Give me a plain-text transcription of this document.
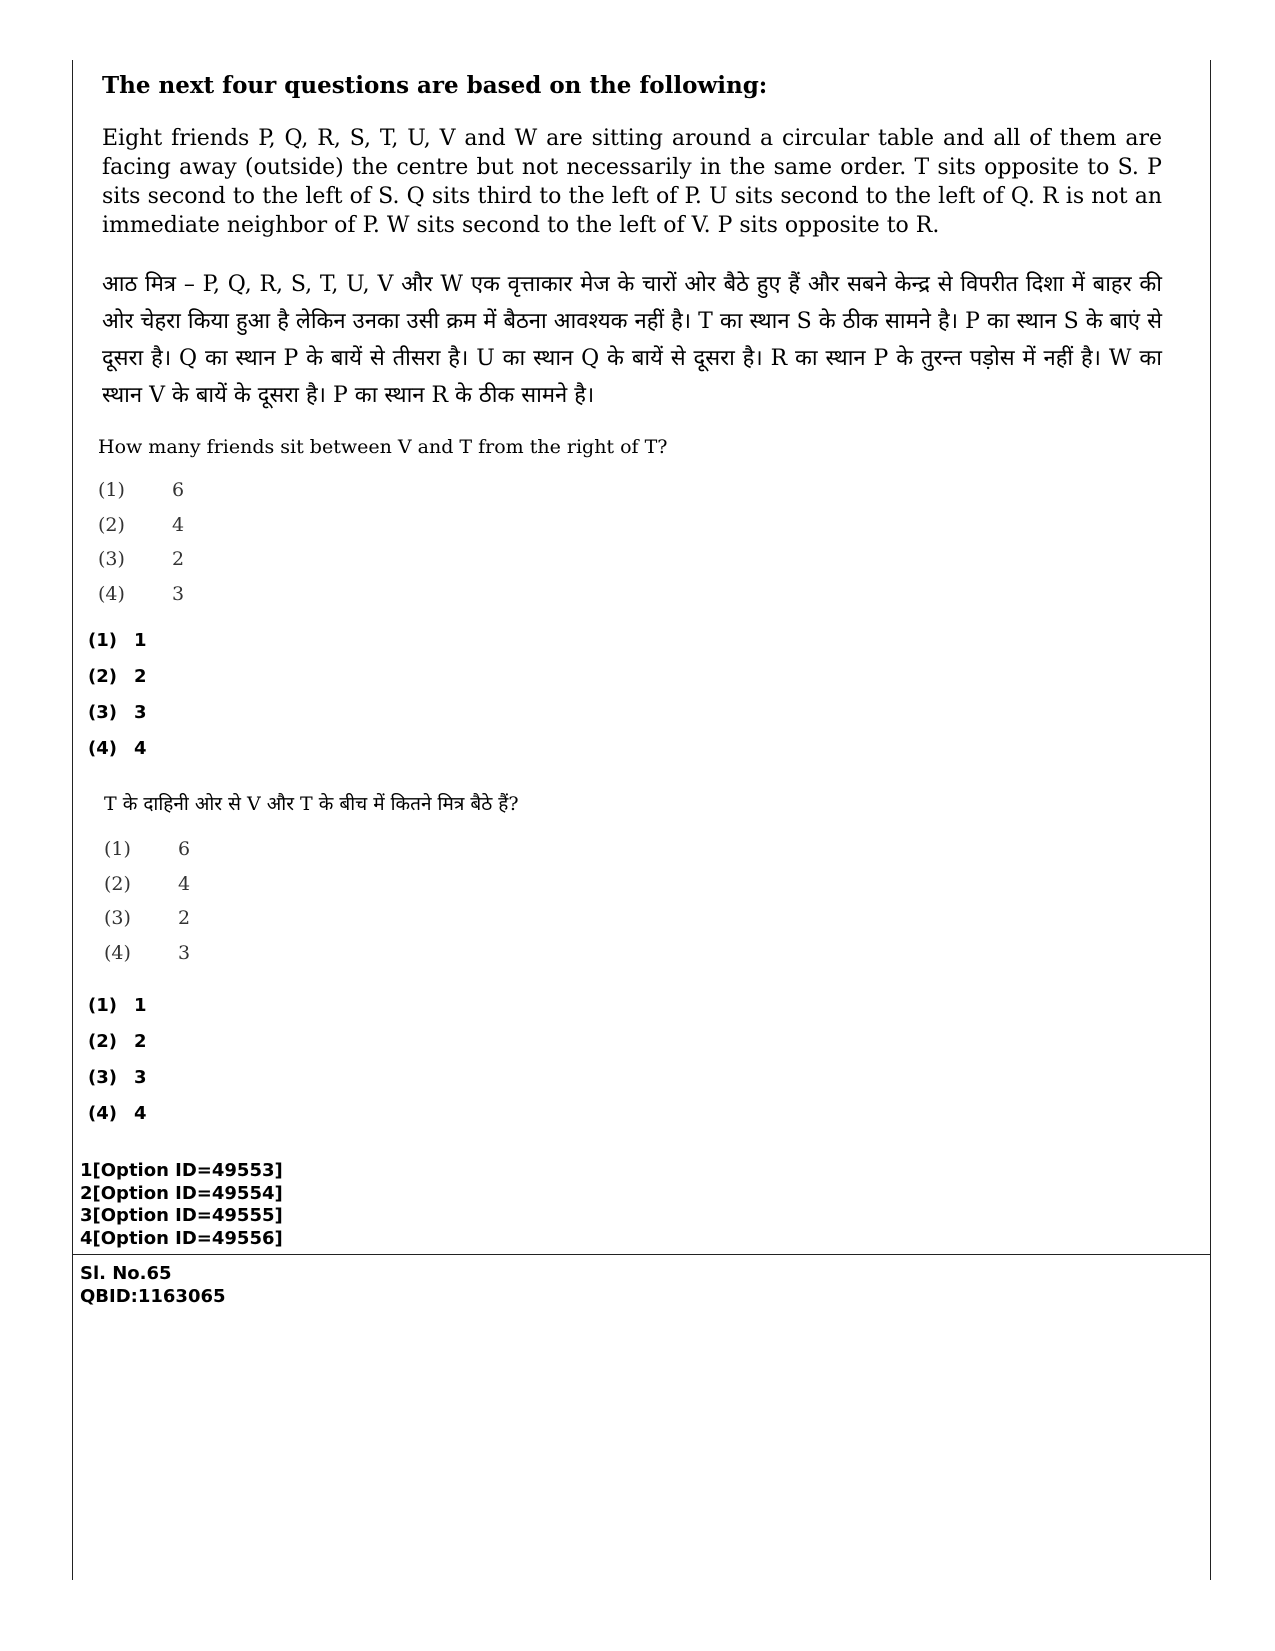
The next four questions are based on the following:
Eight friends P, Q, R, S, T, U, V and W are sitting around a circular table and all of them are facing away (outside) the centre but not necessarily in the same order. T sits opposite to S. P sits second to the left of S. Q sits third to the left of P. U sits second to the left of Q. R is not an immediate neighbor of P. W sits second to the left of V. P sits opposite to R.
आठ मित्र – P, Q, R, S, T, U, V और W एक वृत्ताकार मेज के चारों ओर बैठे हुए हैं और सबने केन्द्र से विपरीत दिशा में बाहर की ओर चेहरा किया हुआ है लेकिन उनका उसी क्रम में बैठना आवश्यक नहीं है। T का स्थान S के ठीक सामने है। P का स्थान S के बाएं से दूसरा है। Q का स्थान P के बायें से तीसरा है। U का स्थान Q के बायें से दूसरा है। R का स्थान P के तुरन्त पड़ोस में नहीं है। W का स्थान V के बायें के दूसरा है। P का स्थान R के ठीक सामने है।
How many friends sit between V and T from the right of T?
(1)	6
(2)	4
(3)	2
(4)	3
(1) 1
(2) 2
(3) 3
(4) 4
T के दाहिनी ओर से V और T के बीच में कितने मित्र बैठे हैं?
(1)	6
(2)	4
(3)	2
(4)	3
(1) 1
(2) 2
(3) 3
(4) 4
1[Option ID=49553]
2[Option ID=49554]
3[Option ID=49555]
4[Option ID=49556]
Sl. No.65
QBID:1163065
